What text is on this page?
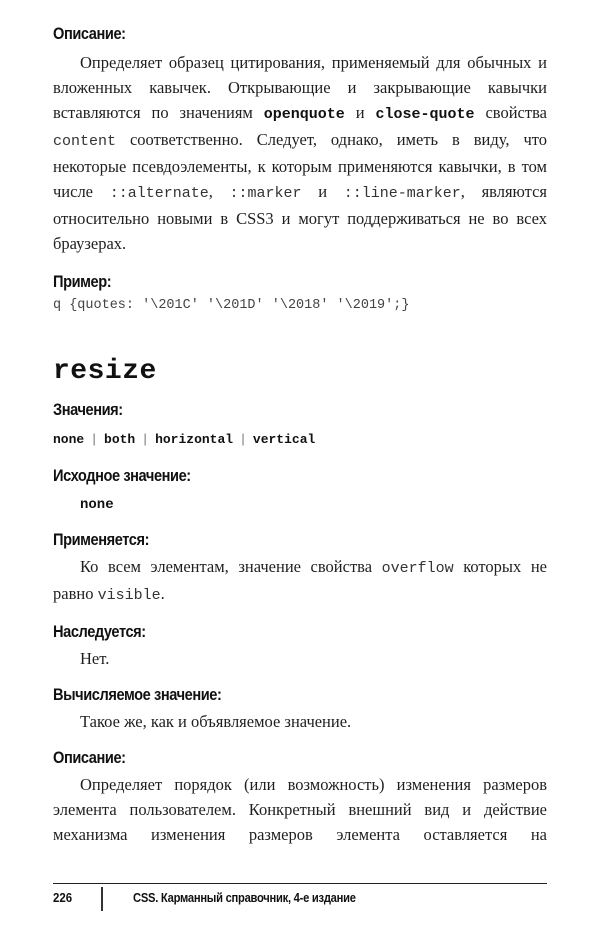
Описание:

Определяет образец цитирования, применяемый для обычных и вложенных кавычек. Открывающие и закрывающие кавычки вставляются по значениям openquote и close-quote свойства content соответственно. Следует, однако, иметь в виду, что некоторые псевдоэлементы, к которым применяются кавычки, в том числе ::alternate, ::marker и ::line-marker, являются относительно новыми в CSS3 и могут поддерживаться не во всех браузерах.

Пример:

q {quotes: '\201C' '\201D' '\2018' '\2019';}

resize
Значения:

none | both | horizontal | vertical

Исходное значение:

none

Применяется:

Ко всем элементам, значение свойства overflow которых не равно visible.

Наследуется:

Нет.

Вычисляемое значение:

Такое же, как и объявляемое значение.

Описание:

Определяет порядок (или возможность) изменения размеров элемента пользователем. Конкретный внешний вид и действие механизма изменения размеров элемента оставляется на

226	CSS. Карманный справочник, 4-е издание
